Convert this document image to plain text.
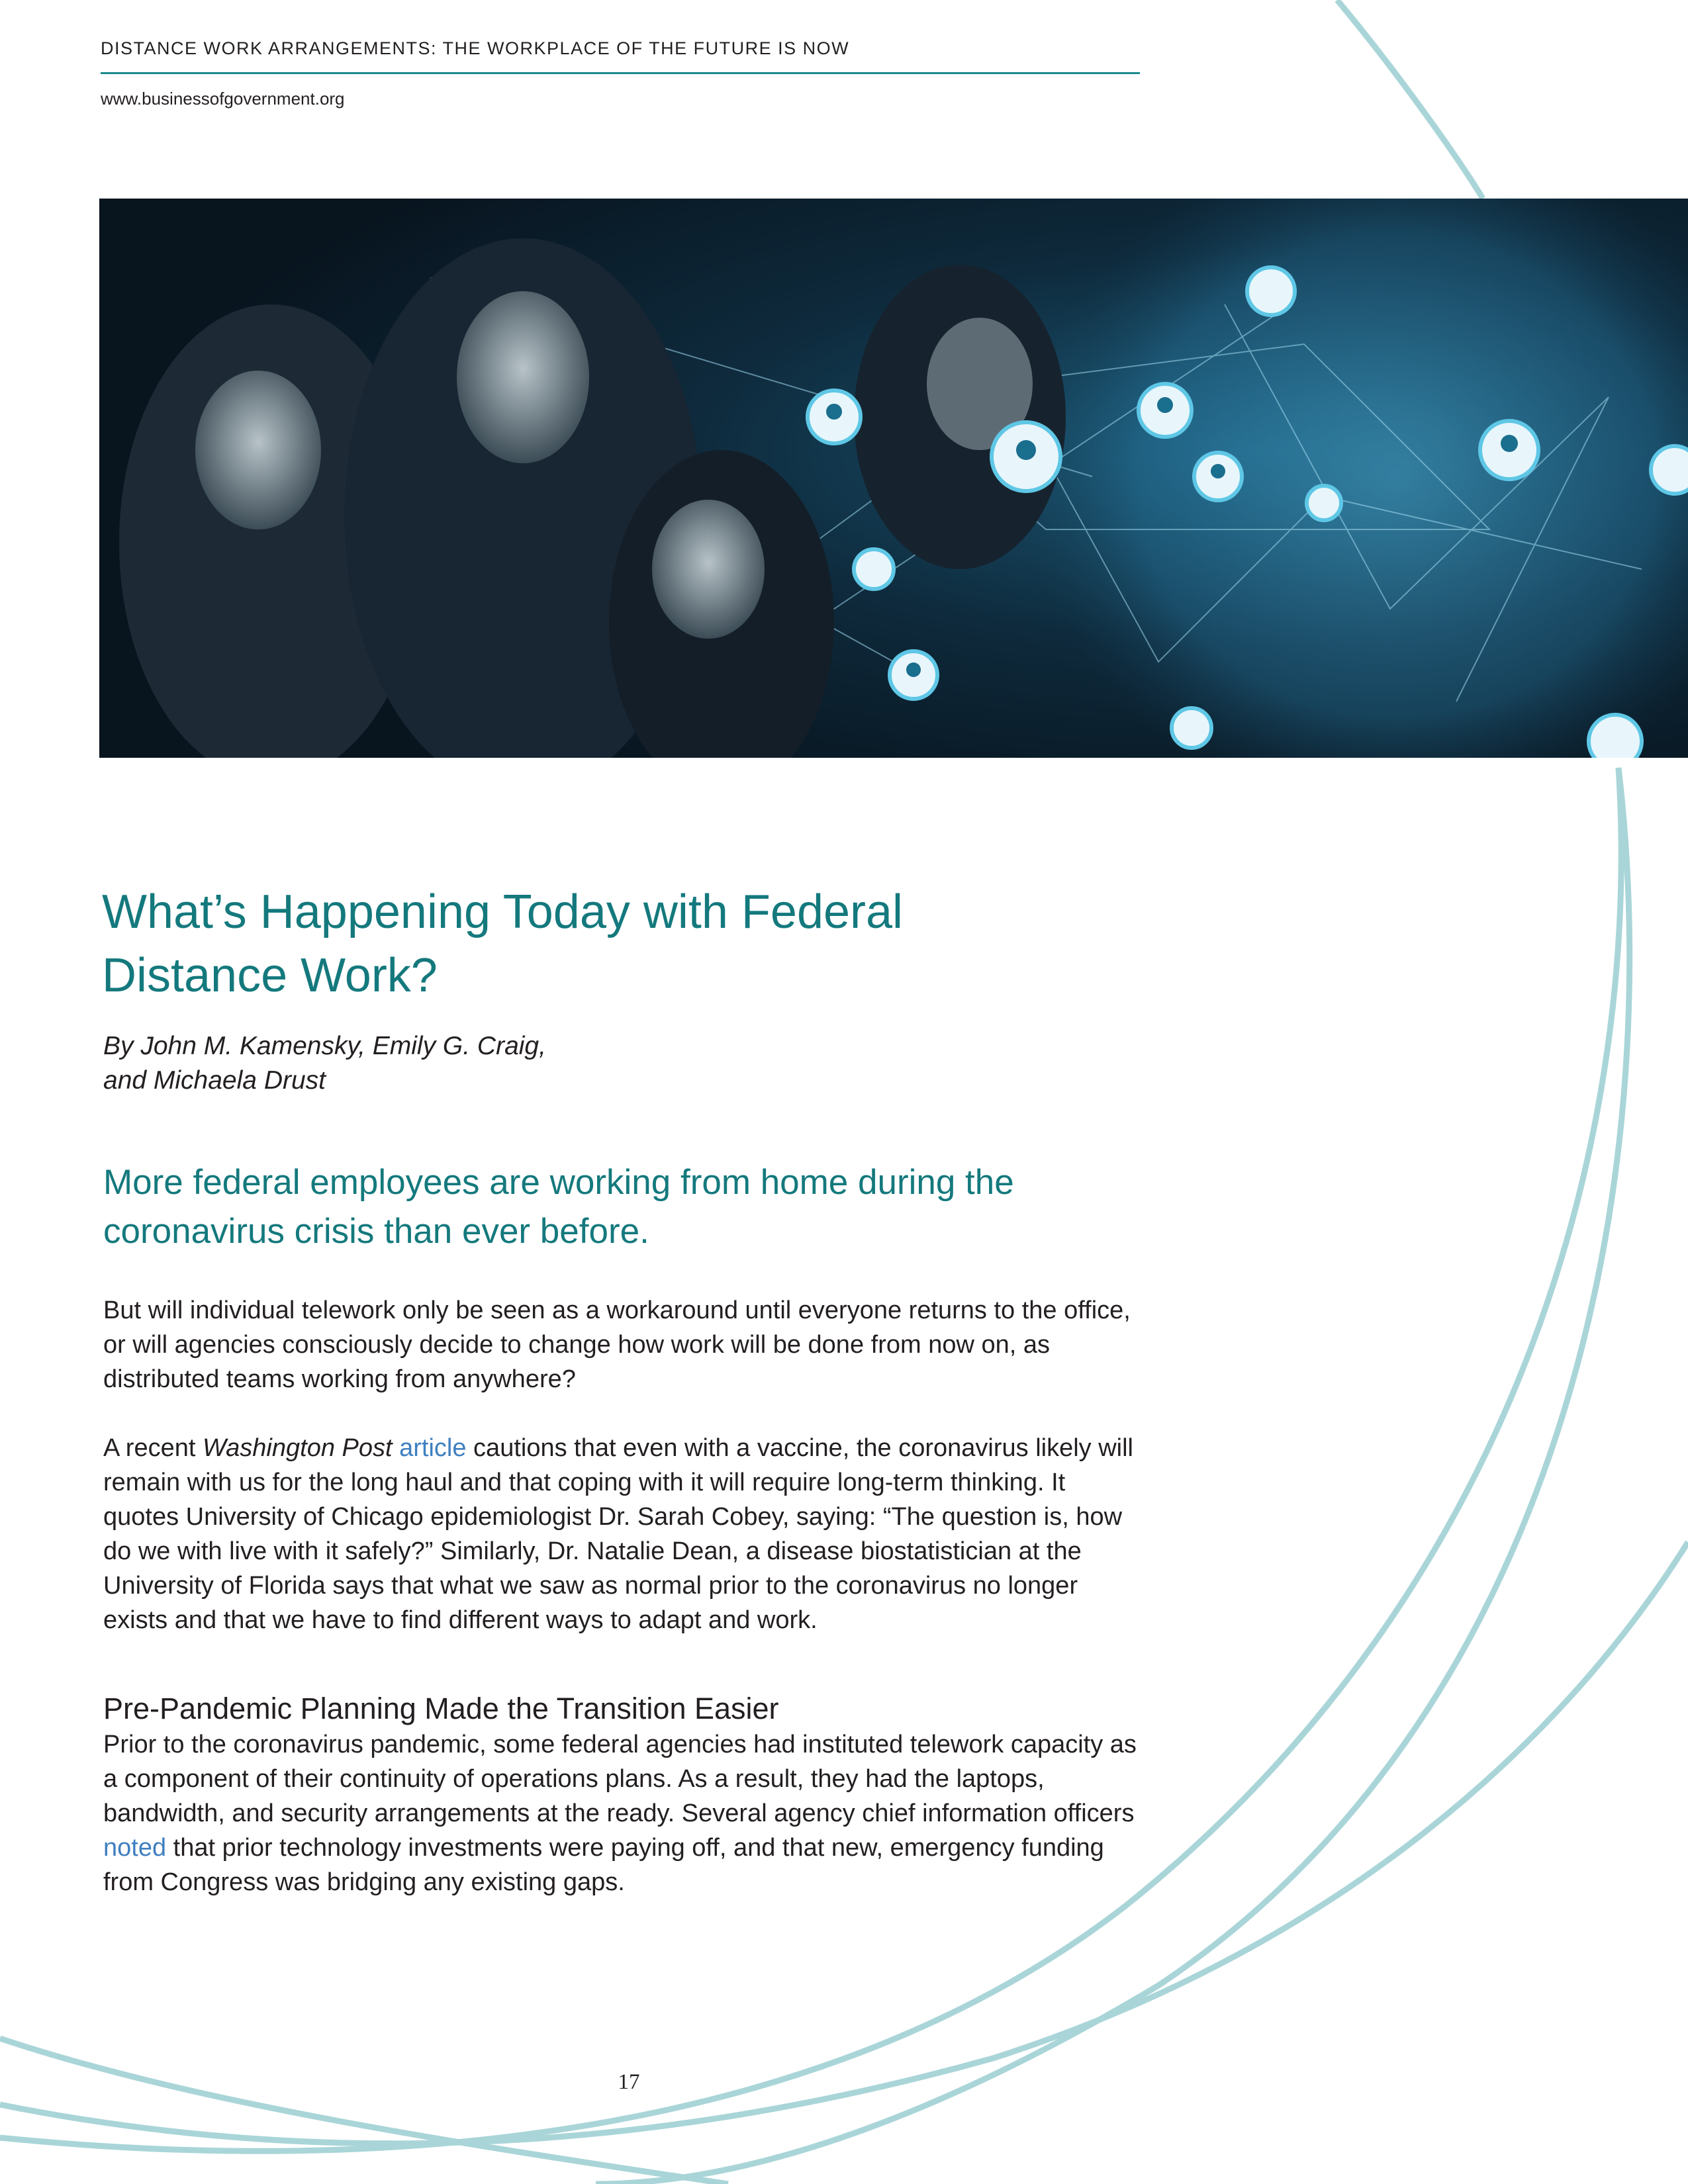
DISTANCE WORK ARRANGEMENTS: THE WORKPLACE OF THE FUTURE IS NOW
www.businessofgovernment.org
What’s Happening Today with Federal Distance Work?
By John M. Kamensky, Emily G. Craig,
and Michaela Drust
More federal employees are working from home during the coronavirus crisis than ever before.

But will individual telework only be seen as a workaround until everyone returns to the office, or will agencies consciously decide to change how work will be done from now on, as distributed teams working from anywhere?

A recent Washington Post article cautions that even with a vaccine, the coronavirus likely will remain with us for the long haul and that coping with it will require long-term thinking. It quotes University of Chicago epidemiologist Dr. Sarah Cobey, saying: “The question is, how do we with live with it safely?” Similarly, Dr. Natalie Dean, a disease biostatistician at the University of Florida says that what we saw as normal prior to the coronavirus no longer exists and that we have to find different ways to adapt and work.

Pre-Pandemic Planning Made the Transition Easier

Prior to the coronavirus pandemic, some federal agencies had instituted telework capacity as a component of their continuity of operations plans. As a result, they had the laptops, bandwidth, and security arrangements at the ready. Several agency chief information officers noted that prior technology investments were paying off, and that new, emergency funding from Congress was bridging any existing gaps.

17
